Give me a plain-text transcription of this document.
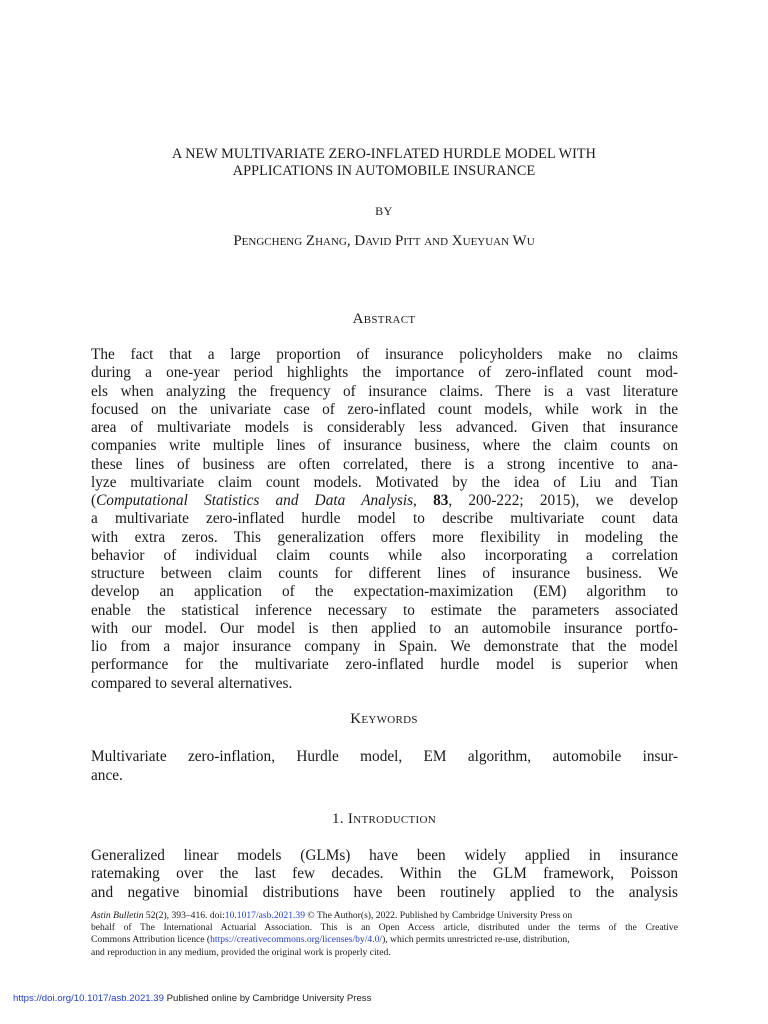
A NEW MULTIVARIATE ZERO-INFLATED HURDLE MODEL WITH
APPLICATIONS IN AUTOMOBILE INSURANCE
BY
Pengcheng Zhang, David Pitt and Xueyuan Wu
Abstract
The fact that a large proportion of insurance policyholders make no claims
during a one-year period highlights the importance of zero-inflated count mod-
els when analyzing the frequency of insurance claims. There is a vast literature
focused on the univariate case of zero-inflated count models, while work in the
area of multivariate models is considerably less advanced. Given that insurance
companies write multiple lines of insurance business, where the claim counts on
these lines of business are often correlated, there is a strong incentive to ana-
lyze multivariate claim count models. Motivated by the idea of Liu and Tian
(Computational Statistics and Data Analysis, 83, 200-222; 2015), we develop
a multivariate zero-inflated hurdle model to describe multivariate count data
with extra zeros. This generalization offers more flexibility in modeling the
behavior of individual claim counts while also incorporating a correlation
structure between claim counts for different lines of insurance business. We
develop an application of the expectation-maximization (EM) algorithm to
enable the statistical inference necessary to estimate the parameters associated
with our model. Our model is then applied to an automobile insurance portfo-
lio from a major insurance company in Spain. We demonstrate that the model
performance for the multivariate zero-inflated hurdle model is superior when
compared to several alternatives.
Keywords
Multivariate zero-inflation, Hurdle model, EM algorithm, automobile insur-
ance.
1. Introduction
Generalized linear models (GLMs) have been widely applied in insurance
ratemaking over the last few decades. Within the GLM framework, Poisson
and negative binomial distributions have been routinely applied to the analysis
Astin Bulletin 52(2), 393–416. doi:10.1017/asb.2021.39 © The Author(s), 2022. Published by Cambridge University Press on
behalf of The International Actuarial Association. This is an Open Access article, distributed under the terms of the Creative
Commons Attribution licence (https://creativecommons.org/licenses/by/4.0/), which permits unrestricted re-use, distribution,
and reproduction in any medium, provided the original work is properly cited.
https://doi.org/10.1017/asb.2021.39 Published online by Cambridge University Press
